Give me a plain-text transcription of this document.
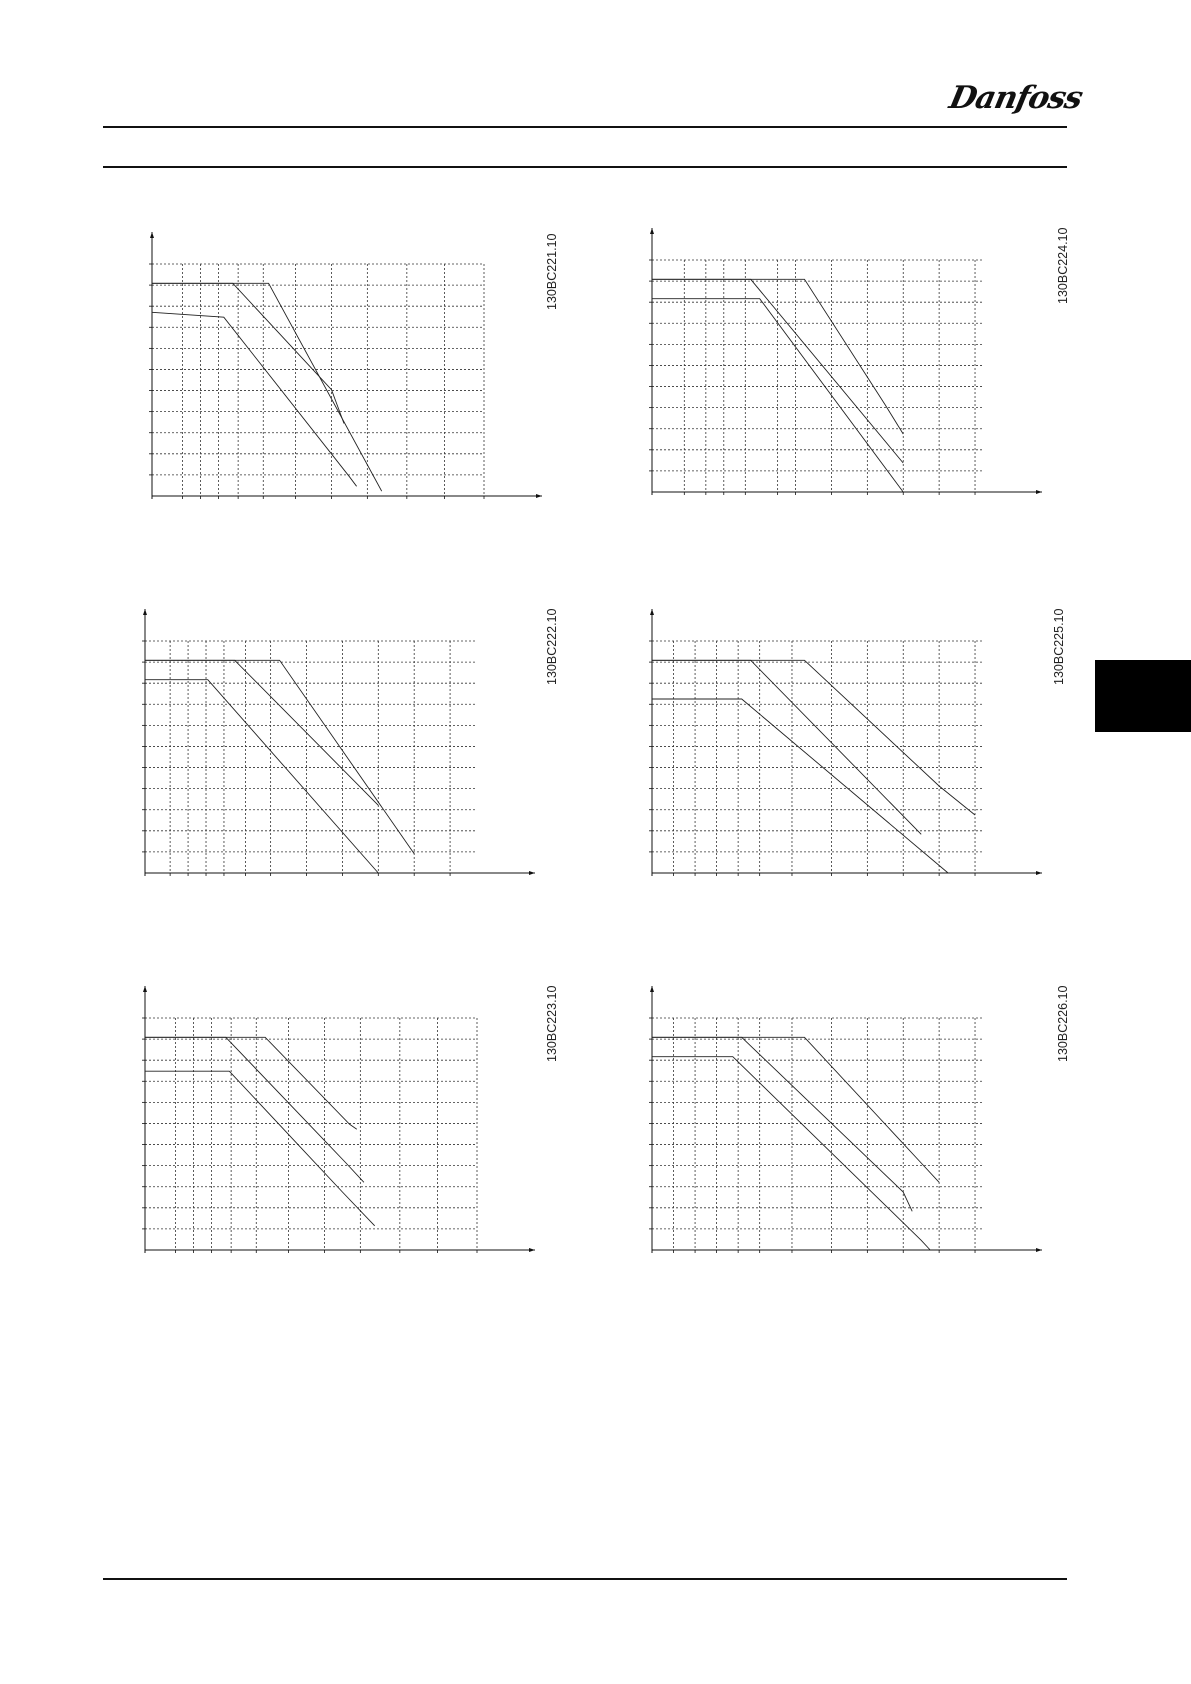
Danfoss
130BC221.10	130BC224.10
130BC222.10	130BC225.10
130BC223.10	130BC226.10
